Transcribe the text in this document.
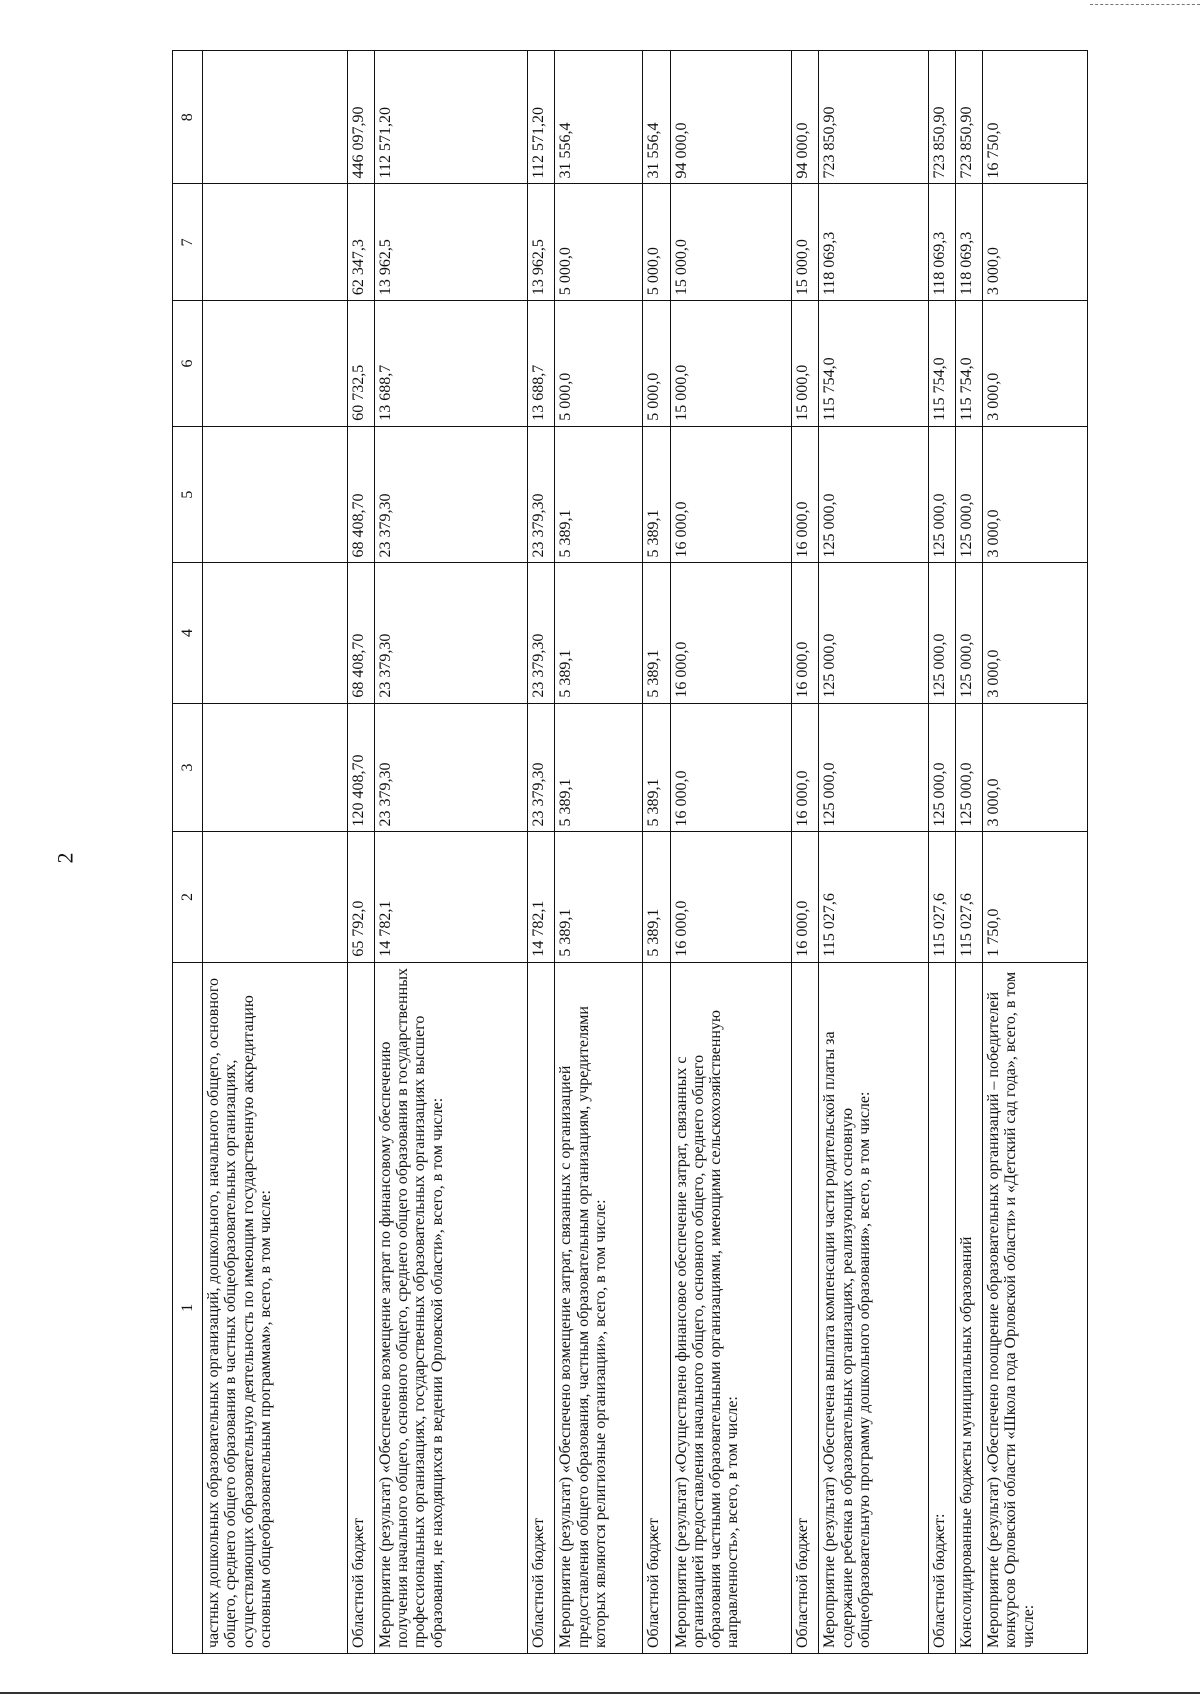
2
1	2	3	4	5	6	7	8
частных дошкольных образовательных организаций, дошкольного, начального общего, основного общего, среднего общего образования в частных общеобразовательных организациях, осуществляющих образовательную деятельность по имеющим государственную аккредитацию основным общеобразовательным программам», всего, в том числе:							
Областной бюджет	65 792,0	120 408,70	68 408,70	68 408,70	60 732,5	62 347,3	446 097,90
Мероприятие (результат) «Обеспечено возмещение затрат по финансовому обеспечению получения начального общего, основного общего, среднего общего образования в государственных профессиональных организациях, государственных образовательных организациях высшего образования, не находящихся в ведении Орловской области», всего, в том числе:	14 782,1	23 379,30	23 379,30	23 379,30	13 688,7	13 962,5	112 571,20
Областной бюджет	14 782,1	23 379,30	23 379,30	23 379,30	13 688,7	13 962,5	112 571,20
Мероприятие (результат) «Обеспечено возмещение затрат, связанных с организацией предоставления общего образования, частным образовательным организациям, учредителями которых являются религиозные организации», всего, в том числе:	5 389,1	5 389,1	5 389,1	5 389,1	5 000,0	5 000,0	31 556,4
Областной бюджет	5 389,1	5 389,1	5 389,1	5 389,1	5 000,0	5 000,0	31 556,4
Мероприятие (результат) «Осуществлено финансовое обеспечение затрат, связанных с организацией предоставления начального общего, основного общего, среднего общего образования частными образовательными организациями, имеющими сельскохозяйственную направленность», всего, в том числе:	16 000,0	16 000,0	16 000,0	16 000,0	15 000,0	15 000,0	94 000,0
Областной бюджет	16 000,0	16 000,0	16 000,0	16 000,0	15 000,0	15 000,0	94 000,0
Мероприятие (результат) «Обеспечена выплата компенсации части родительской платы за содержание ребенка в образовательных организациях, реализующих основную общеобразовательную программу дошкольного образования», всего, в том числе:	115 027,6	125 000,0	125 000,0	125 000,0	115 754,0	118 069,3	723 850,90
Областной бюджет:	115 027,6	125 000,0	125 000,0	125 000,0	115 754,0	118 069,3	723 850,90
Консолидированные бюджеты муниципальных образований	115 027,6	125 000,0	125 000,0	125 000,0	115 754,0	118 069,3	723 850,90
Мероприятие (результат) «Обеспечено поощрение образовательных организаций – победителей конкурсов Орловской области «Школа года Орловской области» и «Детский сад года», всего, в том числе:	1 750,0	3 000,0	3 000,0	3 000,0	3 000,0	3 000,0	16 750,0
